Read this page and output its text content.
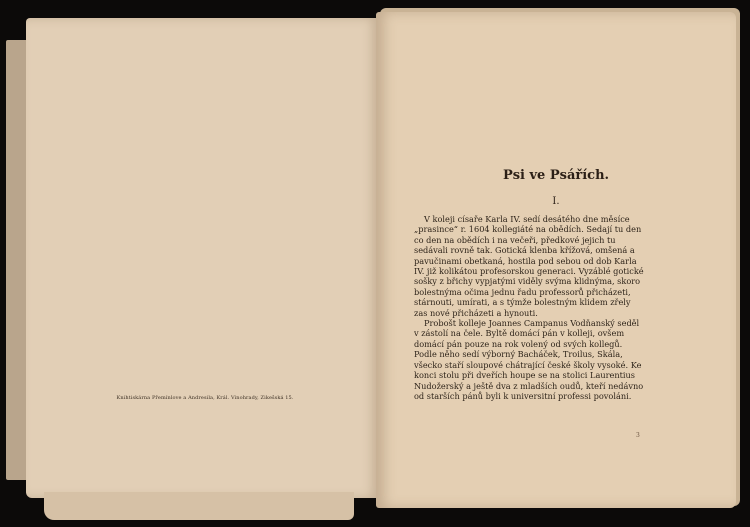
Knihtiskárna Přemínlove a Andresila, Král. Vinohrady, Zikešská 15.
Psi ve Psářích.
I.

V koleji císaře Karla IV. sedí desátého dne měsíce „prasince“ r. 1604 kollegiáté na obědích. Sedají tu den co den na obědích i na večeři, předkové jejich tu sedávali rovně tak. Gotická klenba křížová, omšená a pavučinami obetkaná, hostila pod sebou od dob Karla IV. již kolikátou profesorskou generaci. Vyzáblé gotické sošky z břichy vypjatými viděly svýma klidnýma, skoro bolestnýma očima jednu řadu professorů přicházeti, stárnouti, umírati, a s týmže bolestným klidem zřely zas nové přicházeti a hynouti.

Probošt kolleje Joannes Campanus Vodňanský seděl v zástolí na čele. Byltě domácí pán v kolleji, ovšem domácí pán pouze na rok volený od svých kollegů. Podle něho sedí výborný Bacháček, Troilus, Skála, všecko staří sloupové chátrající české školy vysoké. Ke konci stolu při dveřích houpe se na stolici Laurentius Nudožerský a ještě dva z mladších oudů, kteří nedávno od starších pánů byli k universitní professi povoláni.

3
